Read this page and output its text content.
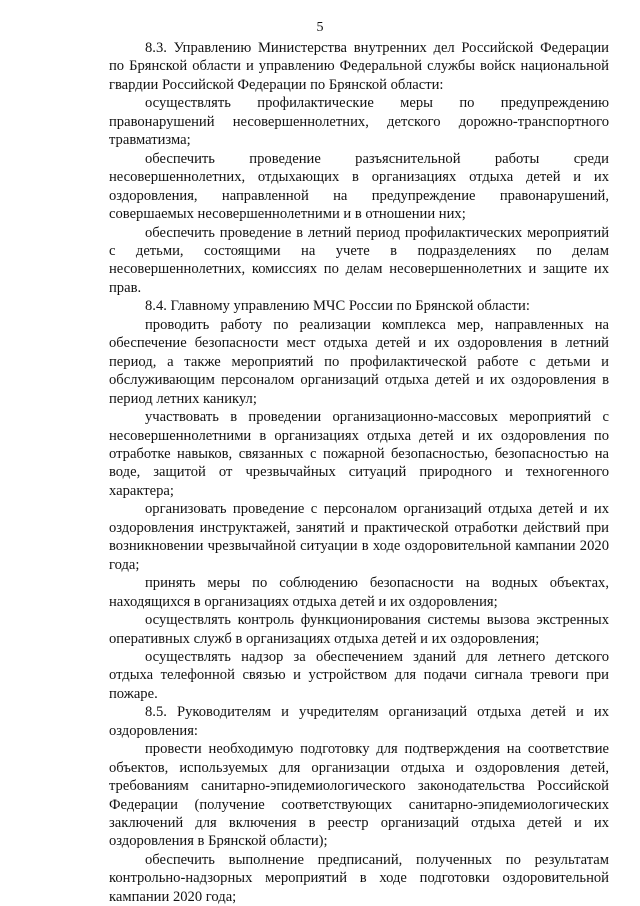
5

8.3. Управлению Министерства внутренних дел Российской Федерации по Брянской области и управлению Федеральной службы войск национальной гвардии Российской Федерации по Брянской области:

осуществлять профилактические меры по предупреждению правонарушений несовершеннолетних, детского дорожно-транспортного травматизма;

обеспечить проведение разъяснительной работы среди несовершеннолетних, отдыхающих в организациях отдыха детей и их оздоровления, направленной на предупреждение правонарушений, совершаемых несовершеннолетними и в отношении них;

обеспечить проведение в летний период профилактических мероприятий с детьми, состоящими на учете в подразделениях по делам несовершеннолетних, комиссиях по делам несовершеннолетних и защите их прав.

8.4. Главному управлению МЧС России по Брянской области:

проводить работу по реализации комплекса мер, направленных на обеспечение безопасности мест отдыха детей и их оздоровления в летний период, а также мероприятий по профилактической работе с детьми и обслуживающим персоналом организаций отдыха детей и их оздоровления в период летних каникул;

участвовать в проведении организационно-массовых мероприятий с несовершеннолетними в организациях отдыха детей и их оздоровления по отработке навыков, связанных с пожарной безопасностью, безопасностью на воде, защитой от чрезвычайных ситуаций природного и техногенного характера;

организовать проведение с персоналом организаций отдыха детей и их оздоровления инструктажей, занятий и практической отработки действий при возникновении чрезвычайной ситуации в ходе оздоровительной кампании 2020 года;

принять меры по соблюдению безопасности на водных объектах, находящихся в организациях отдыха детей и их оздоровления;

осуществлять контроль функционирования системы вызова экстренных оперативных служб в организациях отдыха детей и их оздоровления;

осуществлять надзор за обеспечением зданий для летнего детского отдыха телефонной связью и устройством для подачи сигнала тревоги при пожаре.

8.5. Руководителям и учредителям организаций отдыха детей и их оздоровления:

провести необходимую подготовку для подтверждения на соответствие объектов, используемых для организации отдыха и оздоровления детей, требованиям санитарно-эпидемиологического законодательства Российской Федерации (получение соответствующих санитарно-эпидемиологических заключений для включения в реестр организаций отдыха детей и их оздоровления в Брянской области);

обеспечить выполнение предписаний, полученных по результатам контрольно-надзорных мероприятий в ходе подготовки оздоровительной кампании 2020 года;
